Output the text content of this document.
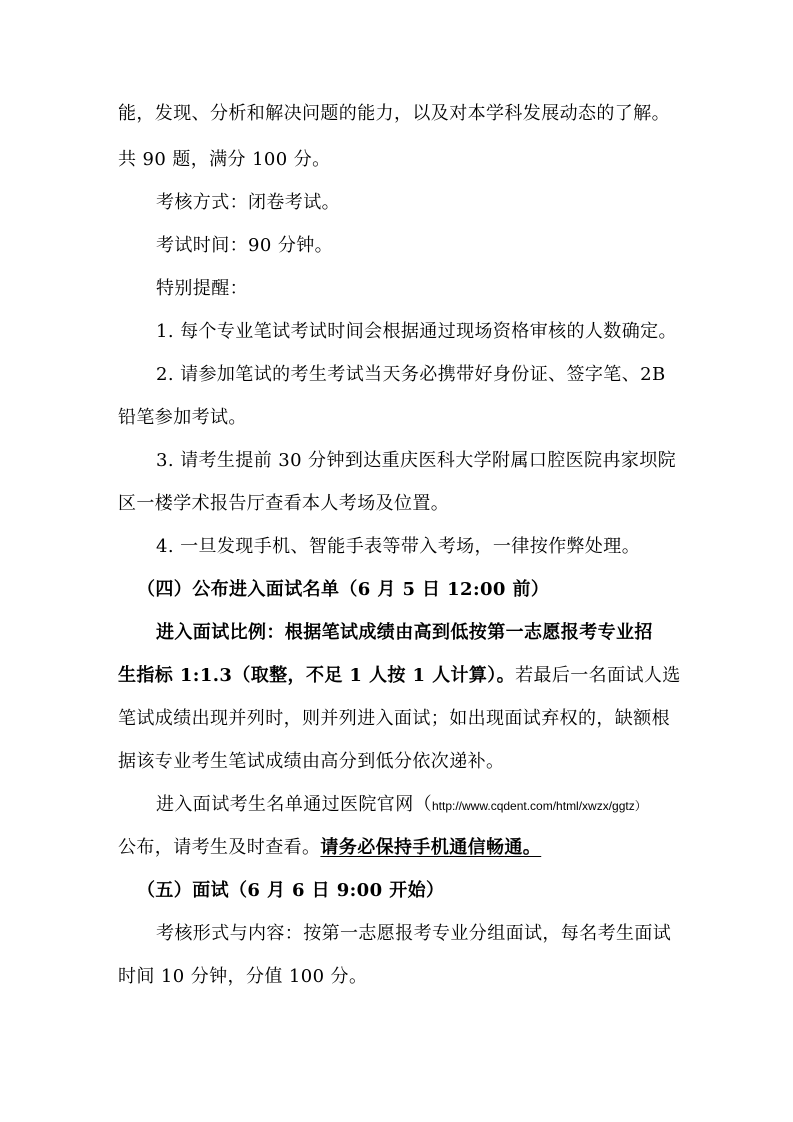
能，发现、分析和解决问题的能力，以及对本学科发展动态的了解。
共 90 题，满分 100 分。
考核方式：闭卷考试。
考试时间：90 分钟。
特别提醒：
1. 每个专业笔试考试时间会根据通过现场资格审核的人数确定。
2. 请参加笔试的考生考试当天务必携带好身份证、签字笔、2B
铅笔参加考试。
3. 请考生提前 30 分钟到达重庆医科大学附属口腔医院冉家坝院
区一楼学术报告厅查看本人考场及位置。
4. 一旦发现手机、智能手表等带入考场，一律按作弊处理。
（四）公布进入面试名单（6 月 5 日 12:00 前）
进入面试比例：根据笔试成绩由高到低按第一志愿报考专业招
生指标 1:1.3（取整，不足 1 人按 1 人计算）。若最后一名面试人选
笔试成绩出现并列时，则并列进入面试；如出现面试弃权的，缺额根
据该专业考生笔试成绩由高分到低分依次递补。
进入面试考生名单通过医院官网（http://www.cqdent.com/html/xwzx/ggtz）
公布，请考生及时查看。请务必保持手机通信畅通。
（五）面试（6 月 6 日 9:00 开始）
考核形式与内容：按第一志愿报考专业分组面试，每名考生面试
时间 10 分钟，分值 100 分。
